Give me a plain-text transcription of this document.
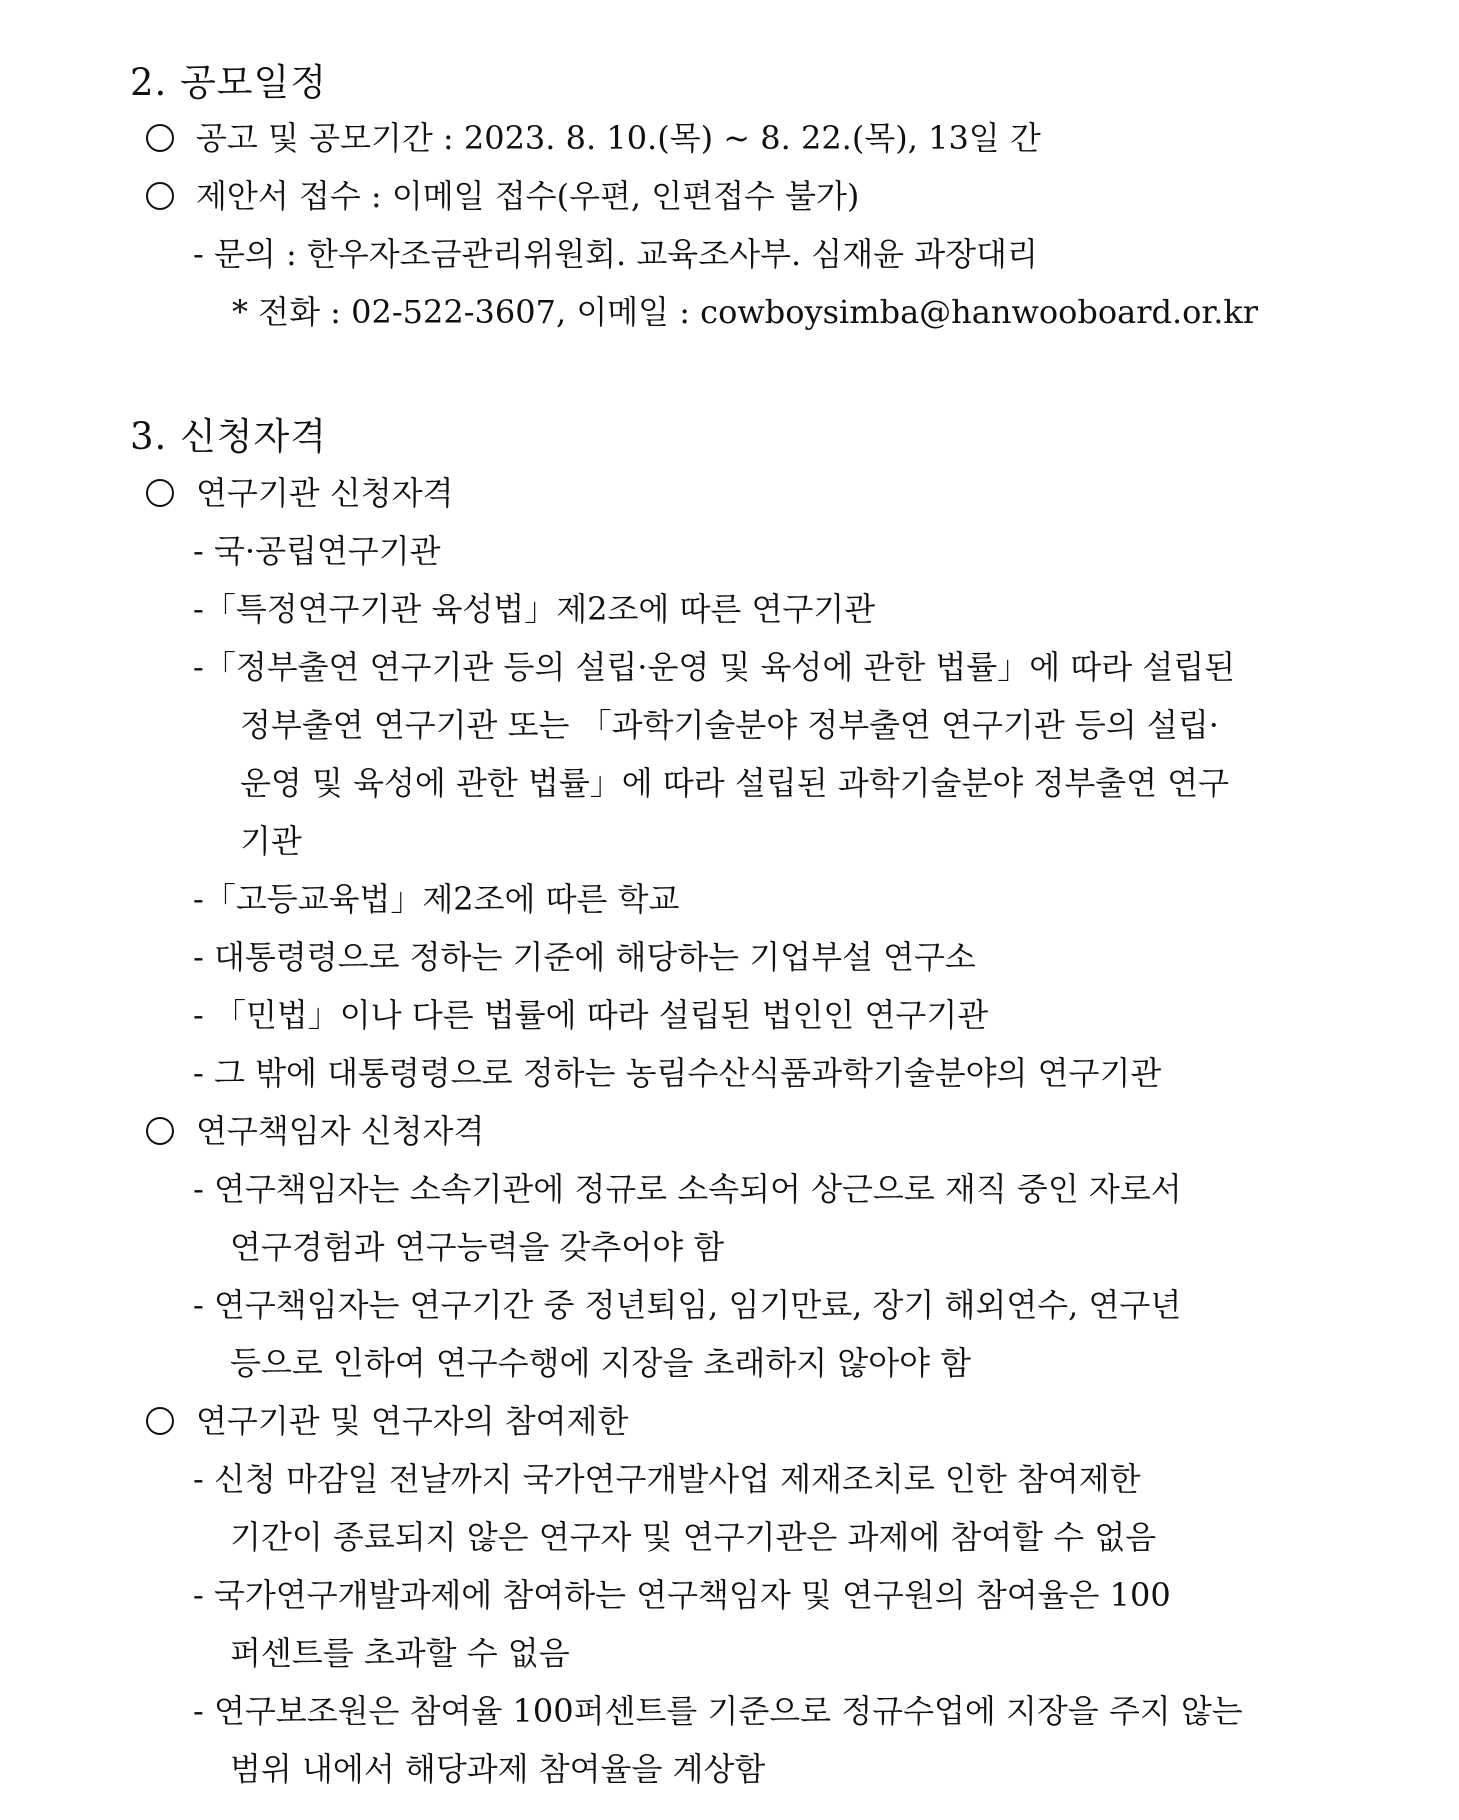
2. 공모일정
공고 및 공모기간 : 2023. 8. 10.(목) ~ 8. 22.(목), 13일 간
제안서 접수 : 이메일 접수(우편, 인편접수 불가)
- 문의 : 한우자조금관리위원회. 교육조사부. 심재윤 과장대리
* 전화 : 02-522-3607, 이메일 : cowboysimba@hanwooboard.or.kr
3. 신청자격
연구기관 신청자격
- 국·공립연구기관
-「특정연구기관 육성법」제2조에 따른 연구기관
-「정부출연 연구기관 등의 설립·운영 및 육성에 관한 법률」에 따라 설립된
정부출연 연구기관 또는 「과학기술분야 정부출연 연구기관 등의 설립·
운영 및 육성에 관한 법률」에 따라 설립된 과학기술분야 정부출연 연구
기관
-「고등교육법」제2조에 따른 학교
- 대통령령으로 정하는 기준에 해당하는 기업부설 연구소
- 「민법」이나 다른 법률에 따라 설립된 법인인 연구기관
- 그 밖에 대통령령으로 정하는 농림수산식품과학기술분야의 연구기관
연구책임자 신청자격
- 연구책임자는 소속기관에 정규로 소속되어 상근으로 재직 중인 자로서
연구경험과 연구능력을 갖추어야 함
- 연구책임자는 연구기간 중 정년퇴임, 임기만료, 장기 해외연수, 연구년
등으로 인하여 연구수행에 지장을 초래하지 않아야 함
연구기관 및 연구자의 참여제한
- 신청 마감일 전날까지 국가연구개발사업 제재조치로 인한 참여제한
기간이 종료되지 않은 연구자 및 연구기관은 과제에 참여할 수 없음
- 국가연구개발과제에 참여하는 연구책임자 및 연구원의 참여율은 100
퍼센트를 초과할 수 없음
- 연구보조원은 참여율 100퍼센트를 기준으로 정규수업에 지장을 주지 않는
범위 내에서 해당과제 참여율을 계상함
